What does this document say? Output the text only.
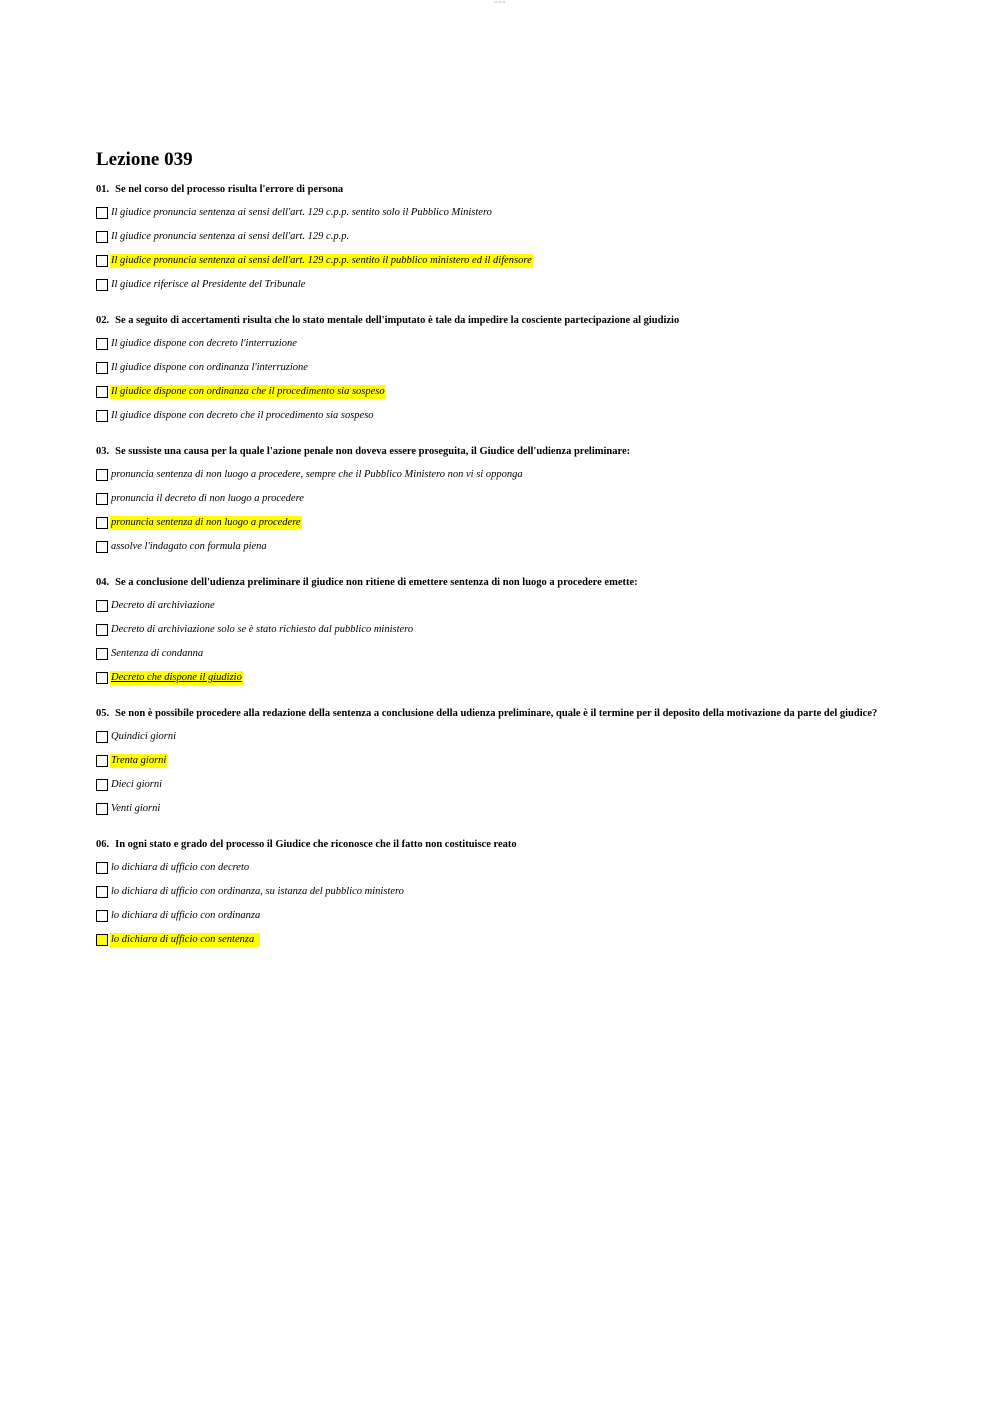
DI 11 11
Lezione 039

01. Se nel corso del processo risulta l'errore di persona

Il giudice pronuncia sentenza ai sensi dell'art. 129 c.p.p. sentito solo il Pubblico Ministero
Il giudice pronuncia sentenza ai sensi dell'art. 129 c.p.p.
Il giudice pronuncia sentenza ai sensi dell'art. 129 c.p.p. sentito il pubblico ministero ed il difensore
Il giudice riferisce al Presidente del Tribunale

02. Se a seguito di accertamenti risulta che lo stato mentale dell'imputato è tale da impedire la cosciente partecipazione al giudizio

Il giudice dispone con decreto l'interruzione
Il giudice dispone con ordinanza l'interruzione
Il giudice dispone con ordinanza che il procedimento sia sospeso
Il giudice dispone con decreto che il procedimento sia sospeso

03. Se sussiste una causa per la quale l'azione penale non doveva essere proseguita, il Giudice dell'udienza preliminare:

pronuncia sentenza di non luogo a procedere, sempre che il Pubblico Ministero non vi si opponga
pronuncia il decreto di non luogo a procedere
pronuncia sentenza di non luogo a procedere
assolve l'indagato con formula piena

04. Se a conclusione dell'udienza preliminare il giudice non ritiene di emettere sentenza di non luogo a procedere emette:

Decreto di archiviazione
Decreto di archiviazione solo se è stato richiesto dal pubblico ministero
Sentenza di condanna
Decreto che dispone il giudizio

05. Se non è possibile procedere alla redazione della sentenza a conclusione della udienza preliminare, quale è il termine per il deposito della motivazione da parte del giudice?

Quindici giorni
Trenta giorni
Dieci giorni
Venti giorni

06. In ogni stato e grado del processo il Giudice che riconosce che il fatto non costituisce reato

lo dichiara di ufficio con decreto
lo dichiara di ufficio con ordinanza, su istanza del pubblico ministero
lo dichiara di ufficio con ordinanza
lo dichiara di ufficio con sentenza
